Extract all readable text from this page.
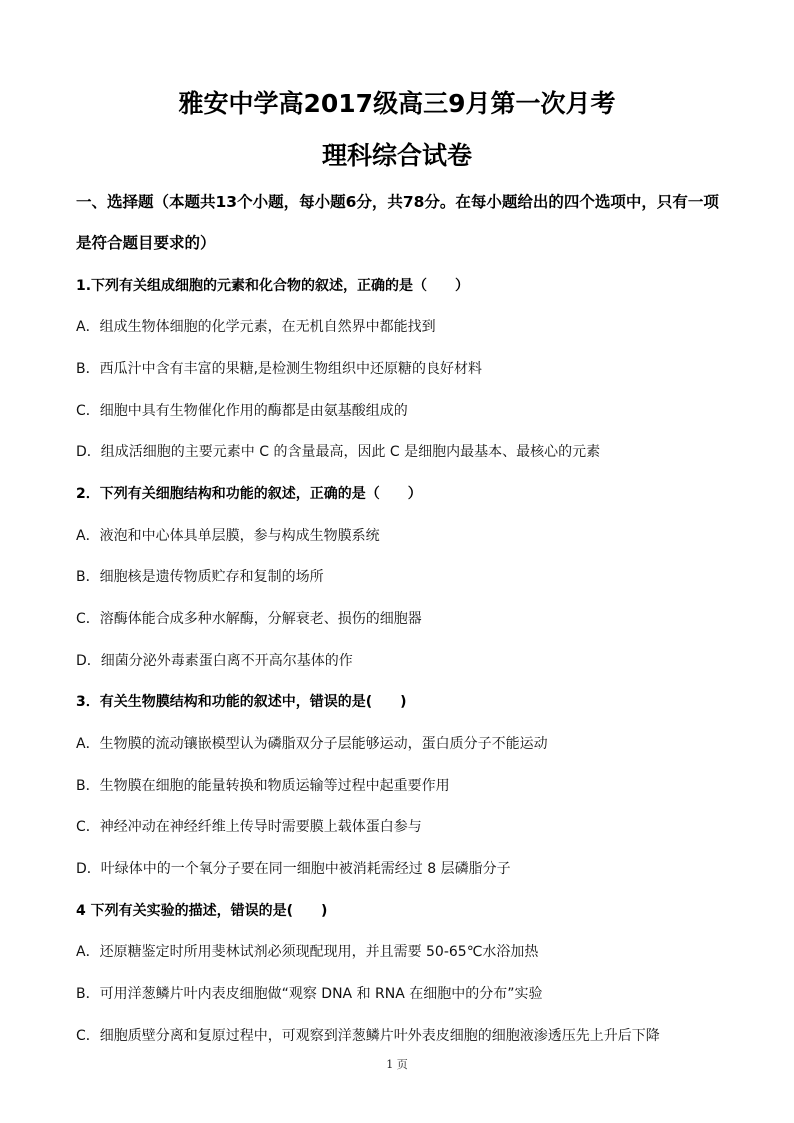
雅安中学高2017级高三9月第一次月考
理科综合试卷
一、选择题（本题共13个小题，每小题6分，共78分。在每小题给出的四个选项中，只有一项是符合题目要求的）
1.下列有关组成细胞的元素和化合物的叙述，正确的是（　　）
A．组成生物体细胞的化学元素，在无机自然界中都能找到
B．西瓜汁中含有丰富的果糖,是检测生物组织中还原糖的良好材料
C．细胞中具有生物催化作用的酶都是由氨基酸组成的
D．组成活细胞的主要元素中 C 的含量最高，因此 C 是细胞内最基本、最核心的元素
2．下列有关细胞结构和功能的叙述，正确的是（　　）
A．液泡和中心体具单层膜，参与构成生物膜系统
B．细胞核是遗传物质贮存和复制的场所
C．溶酶体能合成多种水解酶，分解衰老、损伤的细胞器
D．细菌分泌外毒素蛋白离不开高尔基体的作
3．有关生物膜结构和功能的叙述中，错误的是(　　)
A．生物膜的流动镶嵌模型认为磷脂双分子层能够运动，蛋白质分子不能运动
B．生物膜在细胞的能量转换和物质运输等过程中起重要作用
C．神经冲动在神经纤维上传导时需要膜上载体蛋白参与
D．叶绿体中的一个氧分子要在同一细胞中被消耗需经过 8 层磷脂分子
4 下列有关实验的描述，错误的是(　　)
A．还原糖鉴定时所用斐林试剂必须现配现用，并且需要 50-65℃水浴加热
B．可用洋葱鳞片叶内表皮细胞做“观察 DNA 和 RNA 在细胞中的分布”实验
C．细胞质壁分离和复原过程中，可观察到洋葱鳞片叶外表皮细胞的细胞液渗透压先上升后下降
1 页
